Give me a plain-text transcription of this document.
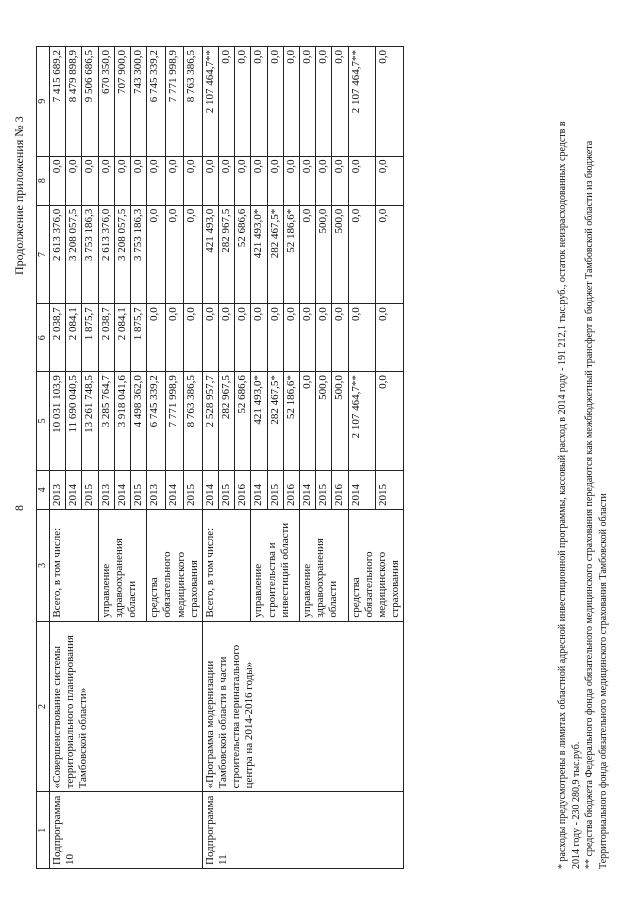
8
Продолжение приложения № 3
1	2	3	4	5	6	7	8	9
Подпрограмма 10	«Совершенствование системы территориального планирования Тамбовской области»	Всего, в том числе:	2013	10 031 103,9	2 038,7	2 613 376,0	0,0	7 415 689,2
			2014	11 690 040,5	2 084,1	3 208 057,5	0,0	8 479 898,9
			2015	13 261 748,5	1 875,7	3 753 186,3	0,0	9 506 686,5
		управление здравоохранения области	2013	3 285 764,7	2 038,7	2 613 376,0	0,0	670 350,0
			2014	3 918 041,6	2 084,1	3 208 057,5	0,0	707 900,0
			2015	4 498 362,0	1 875,7	3 753 186,3	0,0	743 300,0
		средства обязательного медицинского страхования	2013	6 745 339,2	0,0	0,0	0,0	6 745 339,2
			2014	7 771 998,9	0,0	0,0	0,0	7 771 998,9
			2015	8 763 386,5	0,0	0,0	0,0	8 763 386,5
Подпрограмма 11	«Программа модернизации Тамбовской области в части строительства перинатального центра на 2014-2016 годы»	Всего, в том числе:	2014	2 528 957,7	0,0	421 493,0	0,0	2 107 464,7**
			2015	282 967,5	0,0	282 967,5	0,0	0,0
			2016	52 686,6	0,0	52 686,6	0,0	0,0
		управление строительства и инвестиций области	2014	421 493,0*	0,0	421 493,0*	0,0	0,0
			2015	282 467,5*	0,0	282 467,5*	0,0	0,0
			2016	52 186,6*	0,0	52 186,6*	0,0	0,0
		управление здравоохранения области	2014	0,0	0,0	0,0	0,0	0,0
			2015	500,0	0,0	500,0	0,0	0,0
			2016	500,0	0,0	500,0	0,0	0,0
		средства обязательного медицинского страхования	2014	2 107 464,7**	0,0	0,0	0,0	2 107 464,7**
			2015	0,0	0,0	0,0	0,0	0,0
* расходы предусмотрены в лимитах областной адресной инвестиционной программы, кассовый расход в 2014 году - 191 212,1 тыс.руб., остаток неизрасходованных средств в 2014 году - 230 280,9 тыс.руб. ** средства бюджета Федерального фонда обязательного медицинского страхования передаются как межбюджетный трансферт в бюджет Тамбовской области из бюджета Территориального фонда обязательного медицинского страхования Тамбовской области
